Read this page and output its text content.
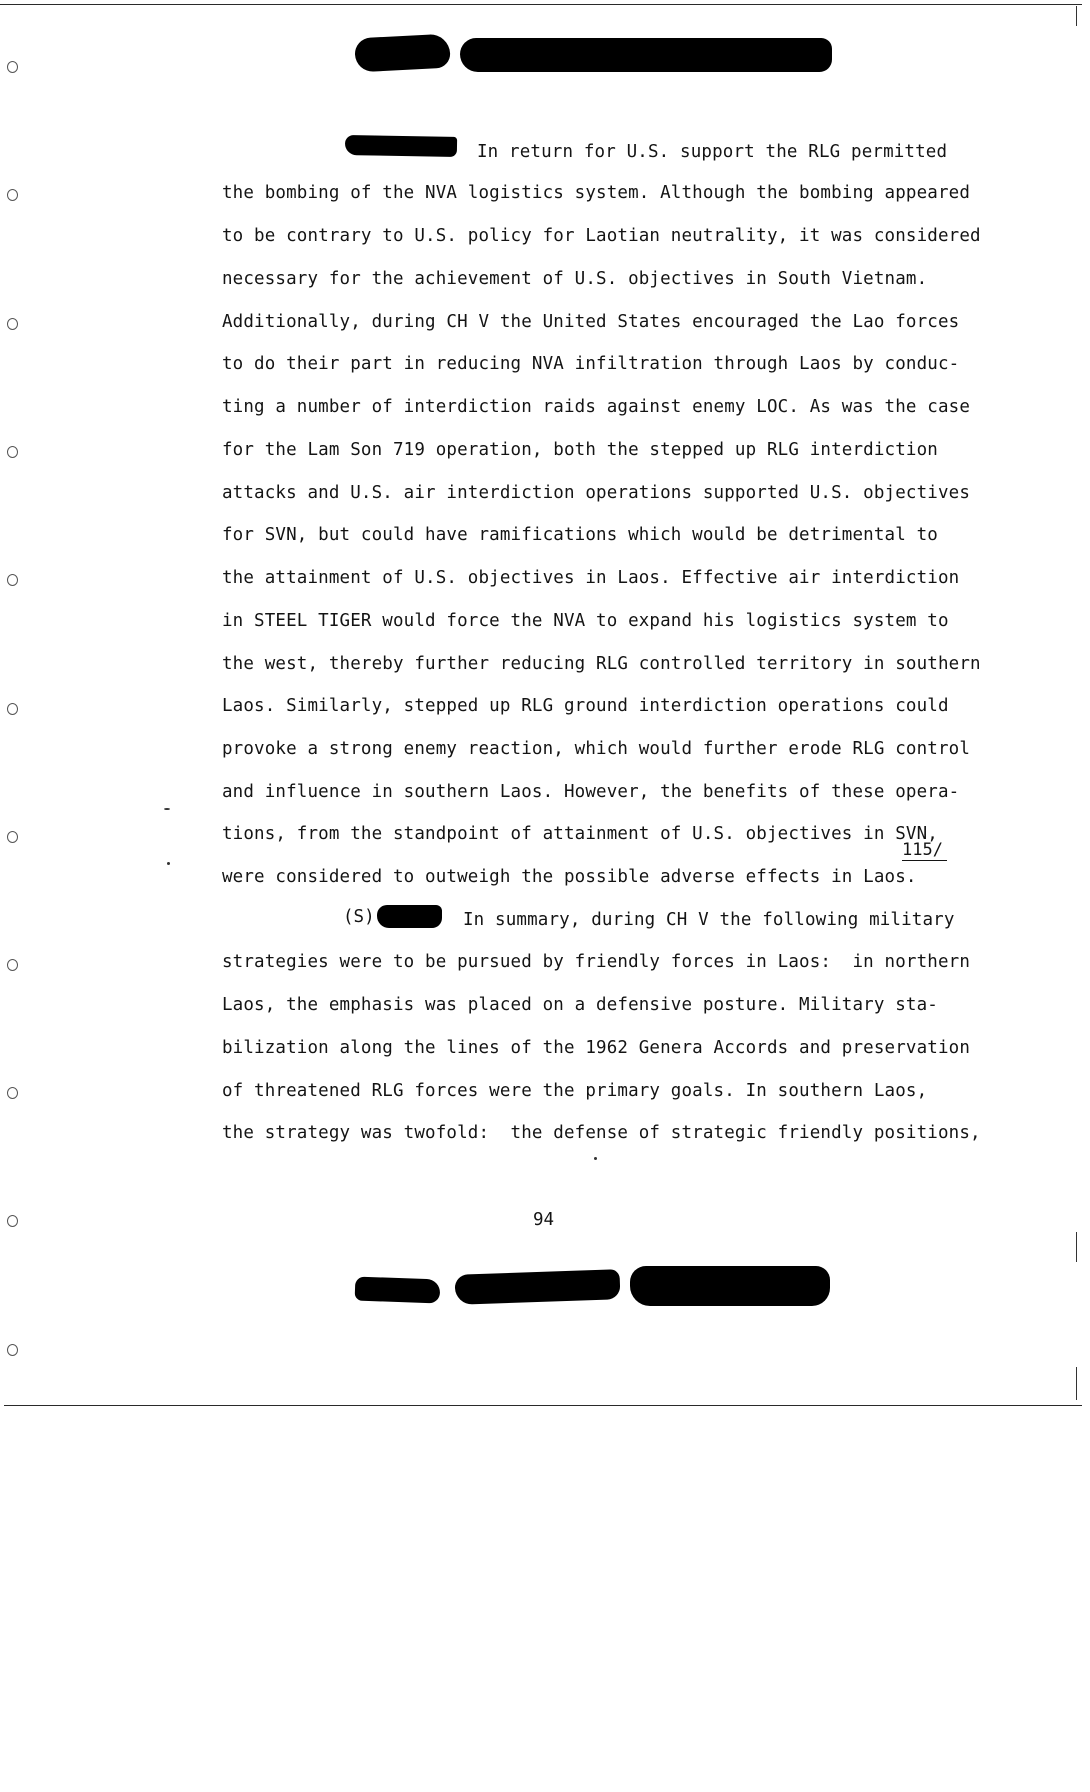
(S)
In return for U.S. support the RLG permitted
the bombing of the NVA logistics system. Although the bombing appeared
to be contrary to U.S. policy for Laotian neutrality, it was considered
necessary for the achievement of U.S. objectives in South Vietnam.
Additionally, during CH V the United States encouraged the Lao forces
to do their part in reducing NVA infiltration through Laos by conduc-
ting a number of interdiction raids against enemy LOC. As was the case
for the Lam Son 719 operation, both the stepped up RLG interdiction
attacks and U.S. air interdiction operations supported U.S. objectives
for SVN, but could have ramifications which would be detrimental to
the attainment of U.S. objectives in Laos. Effective air interdiction
in STEEL TIGER would force the NVA to expand his logistics system to
the west, thereby further reducing RLG controlled territory in southern
Laos. Similarly, stepped up RLG ground interdiction operations could
provoke a strong enemy reaction, which would further erode RLG control
and influence in southern Laos. However, the benefits of these opera-
tions, from the standpoint of attainment of U.S. objectives in SVN,
were considered to outweigh the possible adverse effects in Laos.
In summary, during CH V the following military
strategies were to be pursued by friendly forces in Laos:  in northern
Laos, the emphasis was placed on a defensive posture. Military sta-
bilization along the lines of the 1962 Genera Accords and preservation
of threatened RLG forces were the primary goals. In southern Laos,
the strategy was twofold:  the defense of strategic friendly positions,
115/
94
